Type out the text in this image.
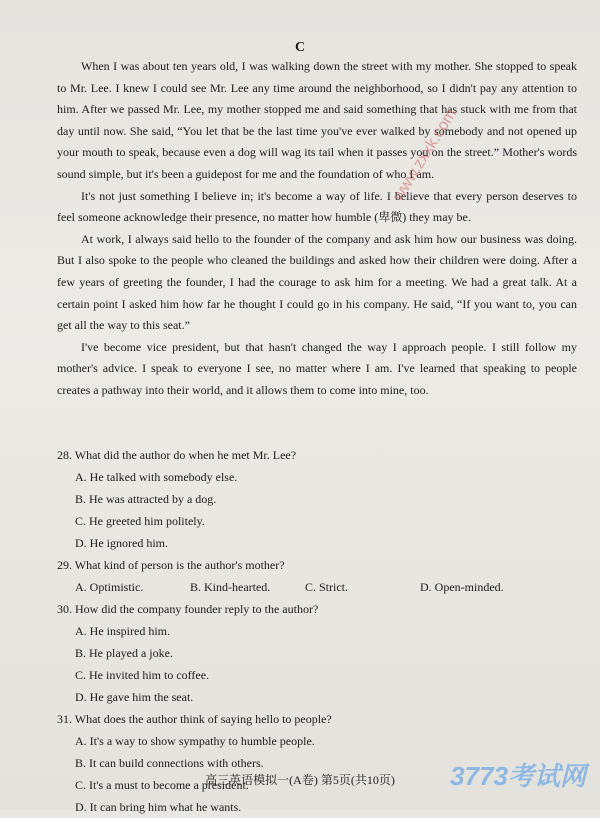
C

When I was about ten years old, I was walking down the street with my mother. She stopped to speak to Mr. Lee. I knew I could see Mr. Lee any time around the neighborhood, so I didn't pay any attention to him. After we passed Mr. Lee, my mother stopped me and said something that has stuck with me from that day until now. She said, “You let that be the last time you've ever walked by somebody and not opened up your mouth to speak, because even a dog will wag its tail when it passes you on the street.” Mother's words sound simple, but it's been a guidepost for me and the foundation of who I am.

It's not just something I believe in; it's become a way of life. I believe that every person deserves to feel someone acknowledge their presence, no matter how humble (卑微) they may be.

At work, I always said hello to the founder of the company and ask him how our business was doing. But I also spoke to the people who cleaned the buildings and asked how their children were doing. After a few years of greeting the founder, I had the courage to ask him for a meeting. We had a great talk. At a certain point I asked him how far he thought I could go in his company. He said, “If you want to, you can get all the way to this seat.”

I've become vice president, but that hasn't changed the way I approach people. I still follow my mother's advice. I speak to everyone I see, no matter where I am. I've learned that speaking to people creates a pathway into their world, and it allows them to come into mine, too.

28. What did the author do when he met Mr. Lee?
A. He talked with somebody else.
B. He was attracted by a dog.
C. He greeted him politely.
D. He ignored him.
29. What kind of person is the author's mother?
A. Optimistic.	B. Kind-hearted.	C. Strict.	D. Open-minded.
30. How did the company founder reply to the author?
A. He inspired him.
B. He played a joke.
C. He invited him to coffee.
D. He gave him the seat.
31. What does the author think of saying hello to people?
A. It's a way to show sympathy to humble people.
B. It can build connections with others.
C. It's a must to become a president.
D. It can bring him what he wants.
高三英语模拟一(A卷) 第5页(共10页)
www.zxxk.com
3773考试网
